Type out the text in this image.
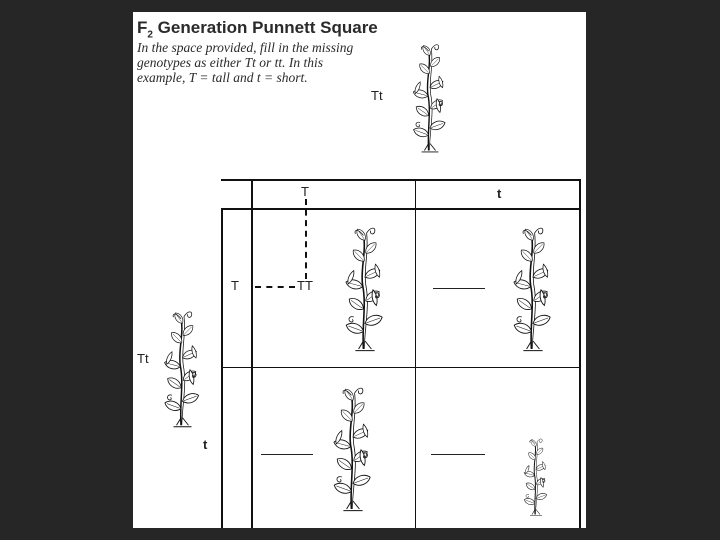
$F_2$ Generation Punnett Square
In the space provided, fill in the missing genotypes as either Tt or tt. In this example, T = tall and t = short.
Tt
Tt
T	t
T
t
TT
